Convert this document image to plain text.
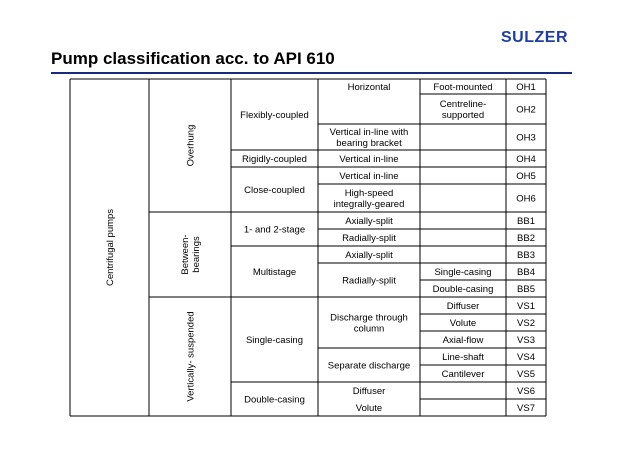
Pump classification acc. to API 610
SULZER
Centrifugal pumps
Overhung
Between-bearings
Vertically- suspended
Flexibly-coupled
Rigidly-coupled
Close-coupled
1- and 2-stage
Multistage
Single-casing
Double-casing
Horizontal
Vertical in-line with bearing bracket
Vertical in-line
Vertical in-line
High-speed integrally-geared
Axially-split
Radially-split
Axially-split
Radially-split
Discharge through column
Separate discharge
Diffuser
Volute
Foot-mounted
Centreline-supported
Single-casing
Double-casing
Diffuser
Volute
Axial-flow
Line-shaft
Cantilever
OH1
OH2
OH3
OH4
OH5
OH6
BB1
BB2
BB3
BB4
BB5
VS1
VS2
VS3
VS4
VS5
VS6
VS7
